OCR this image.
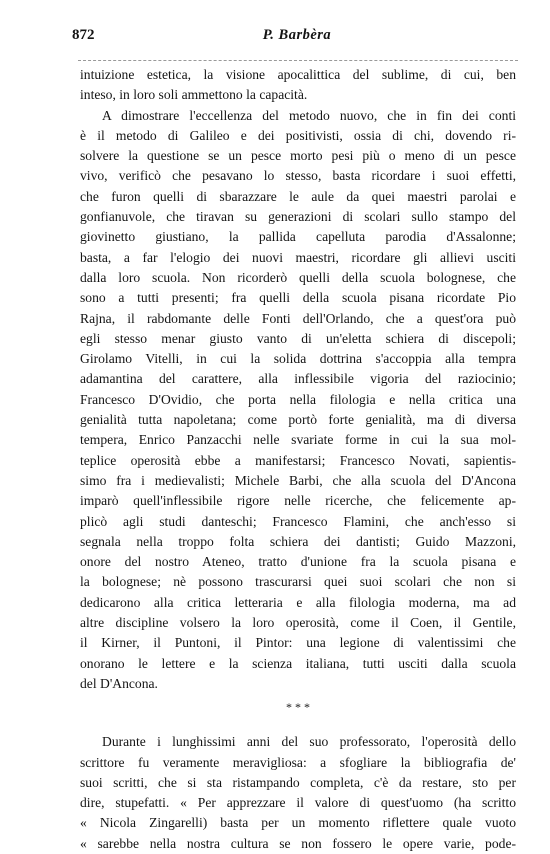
872	P. Barbèra
intuizione estetica, la visione apocalittica del sublime, di cui, ben
inteso, in loro soli ammettono la capacità.
A dimostrare l'eccellenza del metodo nuovo, che in fin dei conti
è il metodo di Galileo e dei positivisti, ossia di chi, dovendo ri-
solvere la questione se un pesce morto pesi più o meno di un pesce
vivo, verificò che pesavano lo stesso, basta ricordare i suoi effetti,
che furon quelli di sbarazzare le aule da quei maestri parolai e
gonfianuvole, che tiravan su generazioni di scolari sullo stampo del
giovinetto giustiano, la pallida capelluta parodia d'Assalonne;
basta, a far l'elogio dei nuovi maestri, ricordare gli allievi usciti
dalla loro scuola. Non ricorderò quelli della scuola bolognese, che
sono a tutti presenti; fra quelli della scuola pisana ricordate Pio
Rajna, il rabdomante delle Fonti dell'Orlando, che a quest'ora può
egli stesso menar giusto vanto di un'eletta schiera di discepoli;
Girolamo Vitelli, in cui la solida dottrina s'accoppia alla tempra
adamantina del carattere, alla inflessibile vigoria del raziocinio;
Francesco D'Ovidio, che porta nella filologia e nella critica una
genialità tutta napoletana; come portò forte genialità, ma di diversa
tempera, Enrico Panzacchi nelle svariate forme in cui la sua mol-
teplice operosità ebbe a manifestarsi; Francesco Novati, sapientis-
simo fra i medievalisti; Michele Barbi, che alla scuola del D'Ancona
imparò quell'inflessibile rigore nelle ricerche, che felicemente ap-
plicò agli studi danteschi; Francesco Flamini, che anch'esso si
segnala nella troppo folta schiera dei dantisti; Guido Mazzoni,
onore del nostro Ateneo, tratto d'unione fra la scuola pisana e
la bolognese; nè possono trascurarsi quei suoi scolari che non si
dedicarono alla critica letteraria e alla filologia moderna, ma ad
altre discipline volsero la loro operosità, come il Coen, il Gentile,
il Kirner, il Puntoni, il Pintor: una legione di valentissimi che
onorano le lettere e la scienza italiana, tutti usciti dalla scuola
del D'Ancona.
* * *
Durante i lunghissimi anni del suo professorato, l'operosità dello
scrittore fu veramente meravigliosa: a sfogliare la bibliografia de'
suoi scritti, che si sta ristampando completa, c'è da restare, sto per
dire, stupefatti. « Per apprezzare il valore di quest'uomo (ha scritto
« Nicola Zingarelli) basta per un momento riflettere quale vuoto
« sarebbe nella nostra cultura se non fossero le opere varie, pode-
